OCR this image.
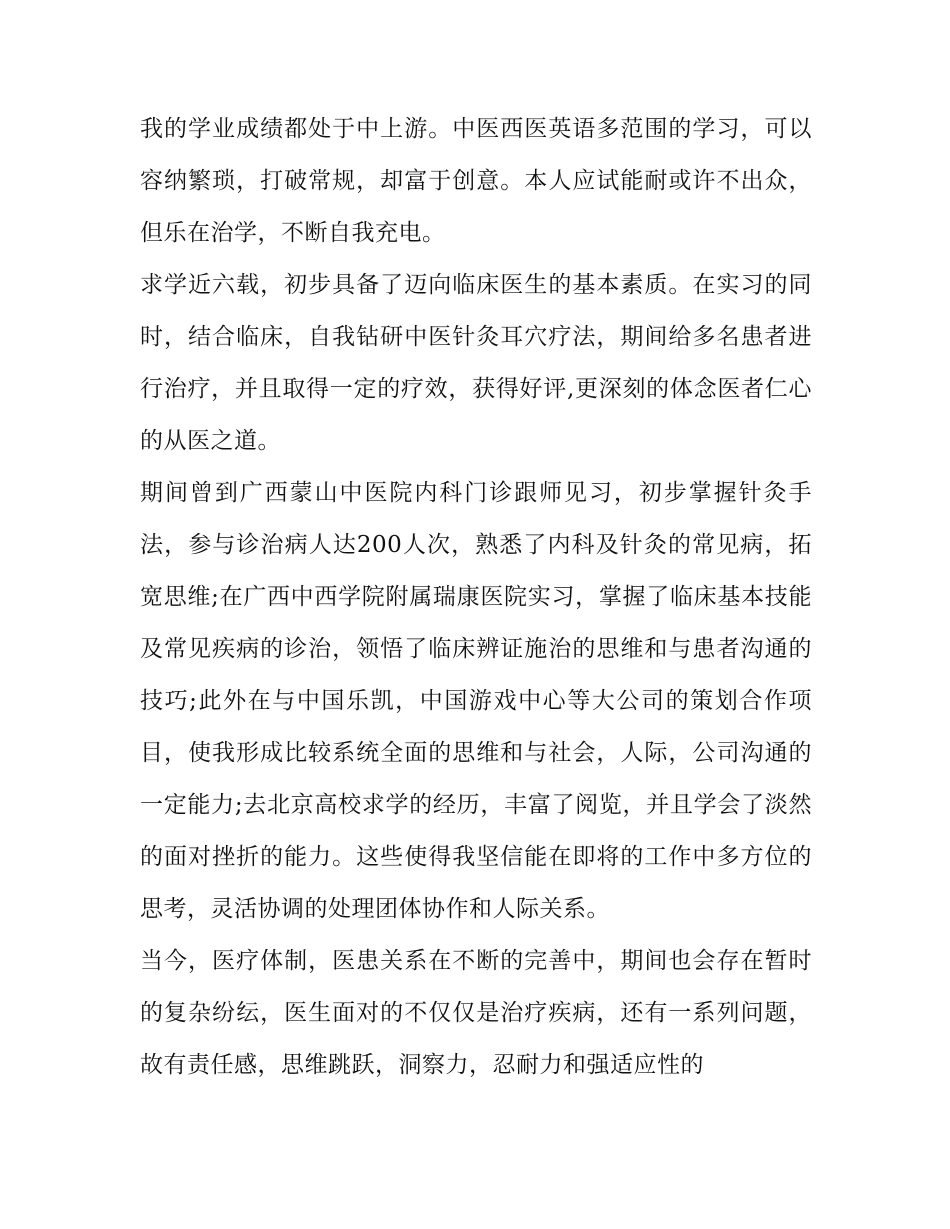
我的学业成绩都处于中上游。中医西医英语多范围的学习，可以容纳繁琐，打破常规，却富于创意。本人应试能耐或许不出众，但乐在治学，不断自我充电。

求学近六载，初步具备了迈向临床医生的基本素质。在实习的同时，结合临床，自我钻研中医针灸耳穴疗法，期间给多名患者进行治疗，并且取得一定的疗效，获得好评,更深刻的体念医者仁心的从医之道。

期间曾到广西蒙山中医院内科门诊跟师见习，初步掌握针灸手法，参与诊治病人达200人次，熟悉了内科及针灸的常见病，拓宽思维;在广西中西学院附属瑞康医院实习，掌握了临床基本技能及常见疾病的诊治，领悟了临床辨证施治的思维和与患者沟通的技巧;此外在与中国乐凯，中国游戏中心等大公司的策划合作项目，使我形成比较系统全面的思维和与社会，人际，公司沟通的一定能力;去北京高校求学的经历，丰富了阅览，并且学会了淡然的面对挫折的能力。这些使得我坚信能在即将的工作中多方位的思考，灵活协调的处理团体协作和人际关系。

当今，医疗体制，医患关系在不断的完善中，期间也会存在暂时的复杂纷纭，医生面对的不仅仅是治疗疾病，还有一系列问题，故有责任感，思维跳跃，洞察力，忍耐力和强适应性的
